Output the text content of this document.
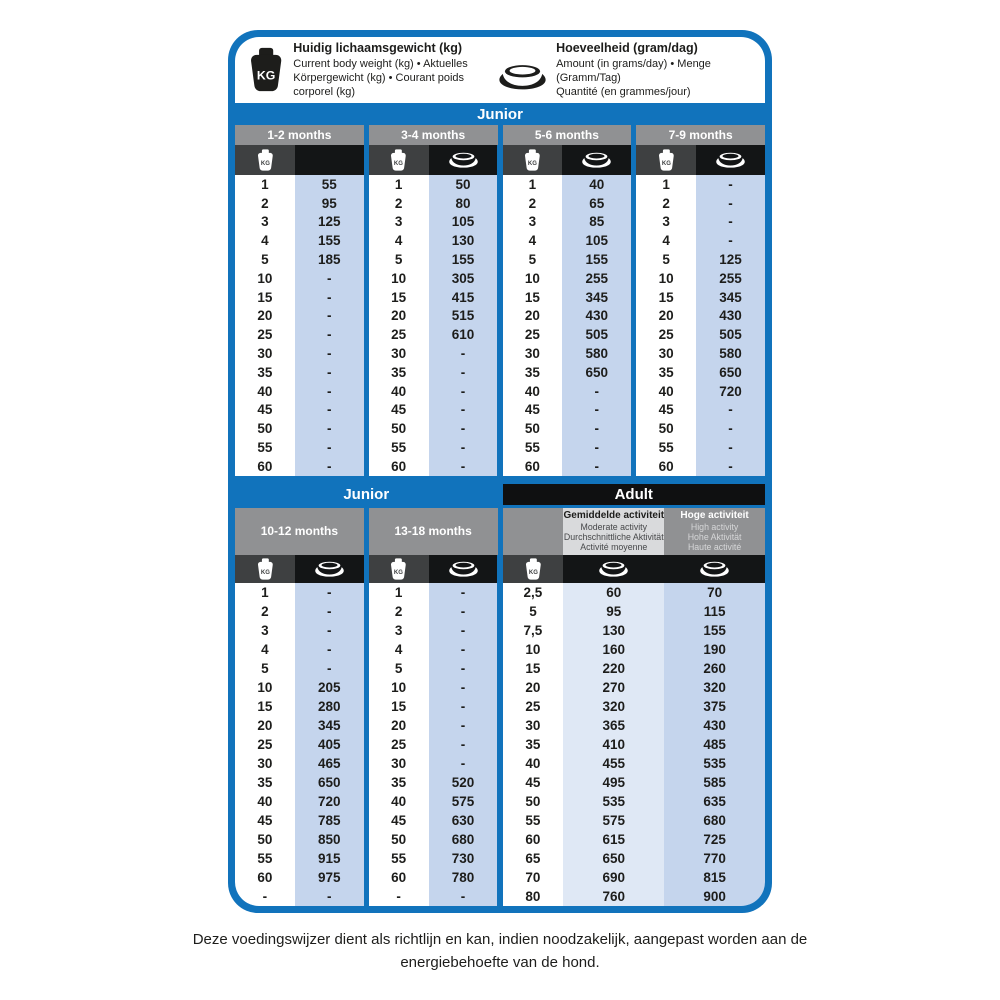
KG
Huidig lichaamsgewicht (kg)
Current body weight (kg) • Aktuelles
Körpergewicht (kg) • Courant poids corporel (kg)
Hoeveelheid (gram/dag)
Amount (in grams/day) • Menge (Gramm/Tag)
Quantité (en grammes/jour)
Junior
1-2 months
KG
1	55
2	95
3	125
4	155
5	185
10	-
15	-
20	-
25	-
30	-
35	-
40	-
45	-
50	-
55	-
60	-
3-4 months
KG
1	50
2	80
3	105
4	130
5	155
10	305
15	415
20	515
25	610
30	-
35	-
40	-
45	-
50	-
55	-
60	-
5-6 months
KG
1	40
2	65
3	85
4	105
5	155
10	255
15	345
20	430
25	505
30	580
35	650
40	-
45	-
50	-
55	-
60	-
7-9 months
KG
1	-
2	-
3	-
4	-
5	125
10	255
15	345
20	430
25	505
30	580
35	650
40	720
45	-
50	-
55	-
60	-
Junior	Adult
10-12 months
KG
1	-
2	-
3	-
4	-
5	-
10	205
15	280
20	345
25	405
30	465
35	650
40	720
45	785
50	850
55	915
60	975
-	-
13-18 months
KG
1	-
2	-
3	-
4	-
5	-
10	-
15	-
20	-
25	-
30	-
35	520
40	575
45	630
50	680
55	730
60	780
-	-
Gemiddelde activiteit
Moderate activity
Durchschnittliche Aktivität
Activité moyenne
Hoge activiteit
High activity
Hohe Aktivität
Haute activité
KG
2,5	60	70
5	95	115
7,5	130	155
10	160	190
15	220	260
20	270	320
25	320	375
30	365	430
35	410	485
40	455	535
45	495	585
50	535	635
55	575	680
60	615	725
65	650	770
70	690	815
80	760	900
Deze voedingswijzer dient als richtlijn en kan, indien noodzakelijk, aangepast worden aan de
energiebehoefte van de hond.
